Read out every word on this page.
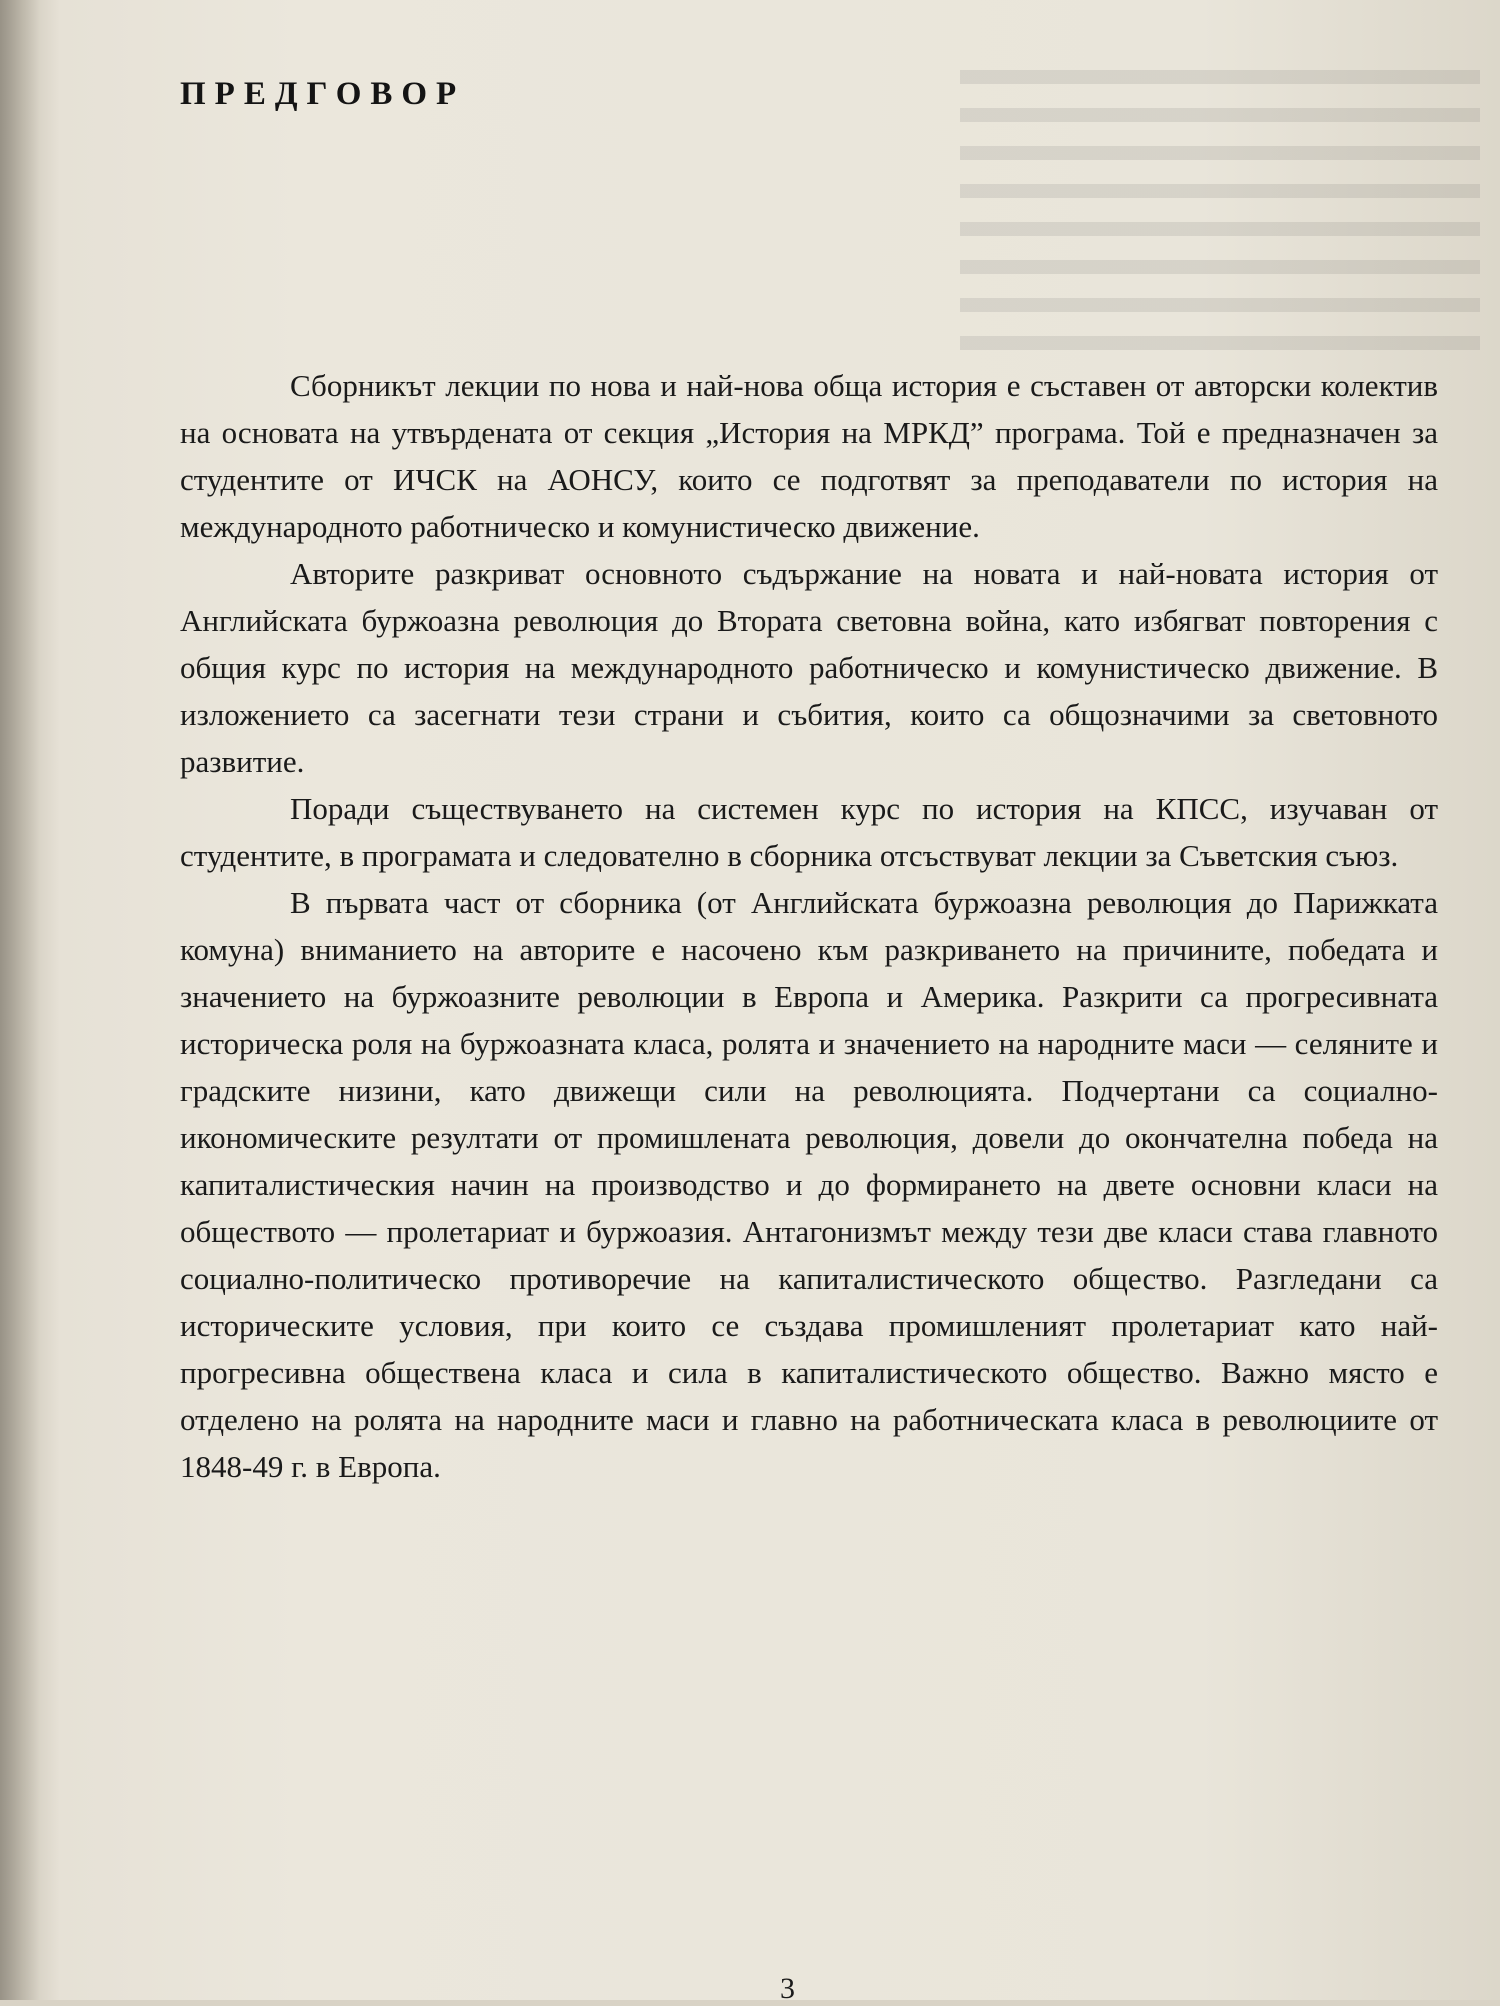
ПРЕДГОВОР

Сборникът лекции по нова и най-нова обща история е съставен от авторски колектив на основата на утвърдената от секция „История на МРКД” програма. Той е предназначен за студентите от ИЧСК на АОНСУ, които се подготвят за преподаватели по история на международното работническо и комунистическо движение.

Авторите разкриват основното съдържание на новата и най-новата история от Английската буржоазна революция до Втората световна война, като избягват повторения с общия курс по история на международното работническо и комунистическо движение. В изложението са засегнати тези страни и събития, които са общозначими за световното развитие.

Поради съществуването на системен курс по история на КПСС, изучаван от студентите, в програмата и следователно в сборника отсъствуват лекции за Съветския съюз.

В първата част от сборника (от Английската буржоазна революция до Парижката комуна) вниманието на авторите е насочено към разкриването на причините, победата и значението на буржоазните революции в Европа и Америка. Разкрити са прогресивната историческа роля на буржоазната класа, ролята и значението на народните маси — селяните и градските низини, като движещи сили на революцията. Подчертани са социално-икономическите резултати от промишлената революция, довели до окончателна победа на капиталистическия начин на производство и до формирането на двете основни класи на обществото — пролетариат и буржоазия. Антагонизмът между тези две класи става главното социално-политическо противоречие на капиталистическото общество. Разгледани са историческите условия, при които се създава промишленият пролетариат като най-прогресивна обществена класа и сила в капиталистическото общество. Важно място е отделено на ролята на народните маси и главно на работническата класа в революциите от 1848-49 г. в Европа.

3
